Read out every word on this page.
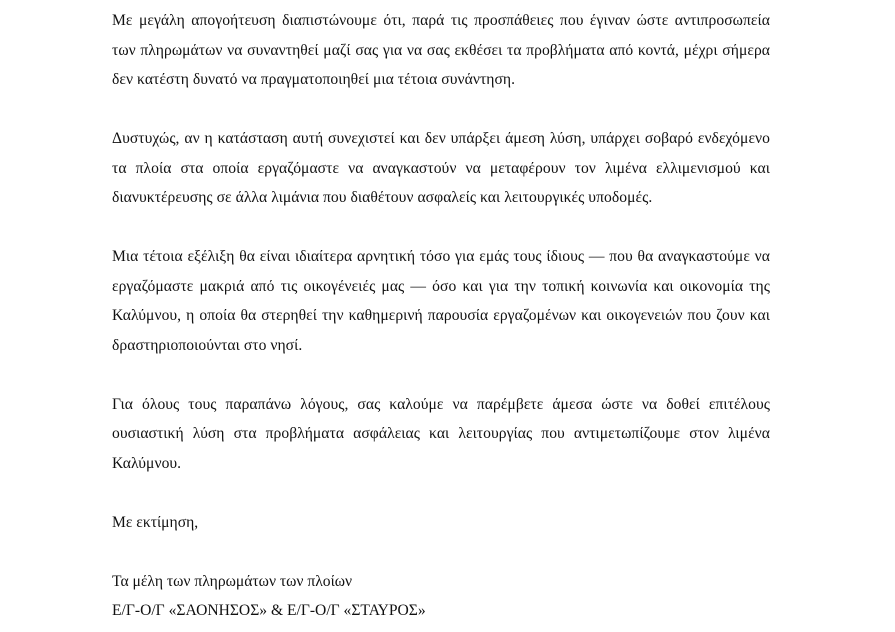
Με μεγάλη απογοήτευση διαπιστώνουμε ότι, παρά τις προσπάθειες που έγιναν ώστε αντιπροσωπεία των πληρωμάτων να συναντηθεί μαζί σας για να σας εκθέσει τα προβλήματα από κοντά, μέχρι σήμερα δεν κατέστη δυνατό να πραγματοποιηθεί μια τέτοια συνάντηση.

Δυστυχώς, αν η κατάσταση αυτή συνεχιστεί και δεν υπάρξει άμεση λύση, υπάρχει σοβαρό ενδεχόμενο τα πλοία στα οποία εργαζόμαστε να αναγκαστούν να μεταφέρουν τον λιμένα ελλιμενισμού και διανυκτέρευσης σε άλλα λιμάνια που διαθέτουν ασφαλείς και λειτουργικές υποδομές.

Μια τέτοια εξέλιξη θα είναι ιδιαίτερα αρνητική τόσο για εμάς τους ίδιους — που θα αναγκαστούμε να εργαζόμαστε μακριά από τις οικογένειές μας — όσο και για την τοπική κοινωνία και οικονομία της Καλύμνου, η οποία θα στερηθεί την καθημερινή παρουσία εργαζομένων και οικογενειών που ζουν και δραστηριοποιούνται στο νησί.

Για όλους τους παραπάνω λόγους, σας καλούμε να παρέμβετε άμεσα ώστε να δοθεί επιτέλους ουσιαστική λύση στα προβλήματα ασφάλειας και λειτουργίας που αντιμετωπίζουμε στον λιμένα Καλύμνου.

Με εκτίμηση,

Τα μέλη των πληρωμάτων των πλοίων

Ε/Γ-Ο/Γ «ΣΑΟΝΗΣΟΣ» & Ε/Γ-Ο/Γ «ΣΤΑΥΡΟΣ»
